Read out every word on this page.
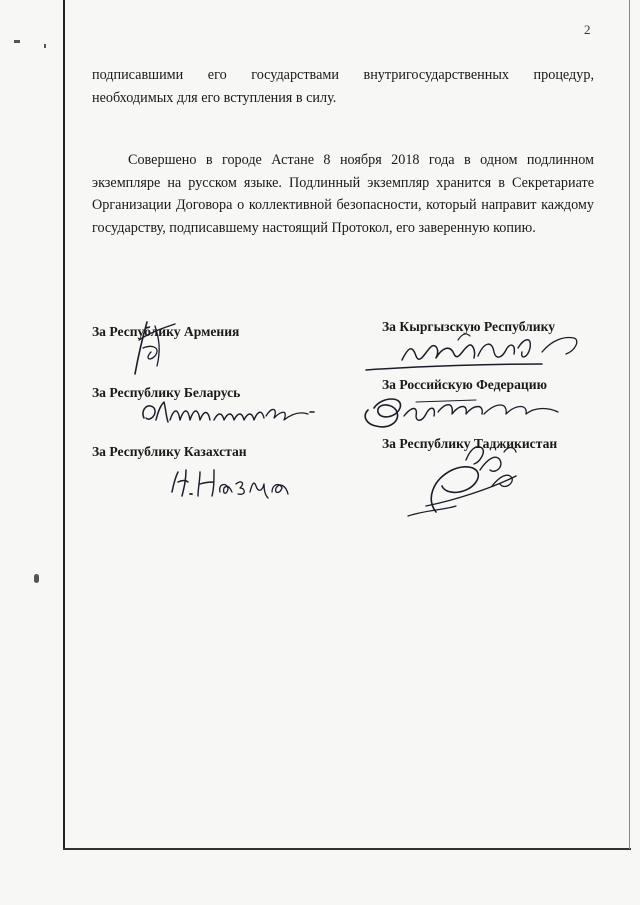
2
подписавшими его государствами внутригосударственных процедур, необходимых для его вступления в силу.
Совершено в городе Астане 8 ноября 2018 года в одном подлинном экземпляре на русском языке. Подлинный экземпляр хранится в Секретариате Организации Договора о коллективной безопасности, который направит каждому государству, подписавшему настоящий Протокол, его заверенную копию.
За Республику Армения
За Республику Беларусь
За Республику Казахстан
За Кыргызскую Республику
За Российскую Федерацию
За Республику Таджикистан
